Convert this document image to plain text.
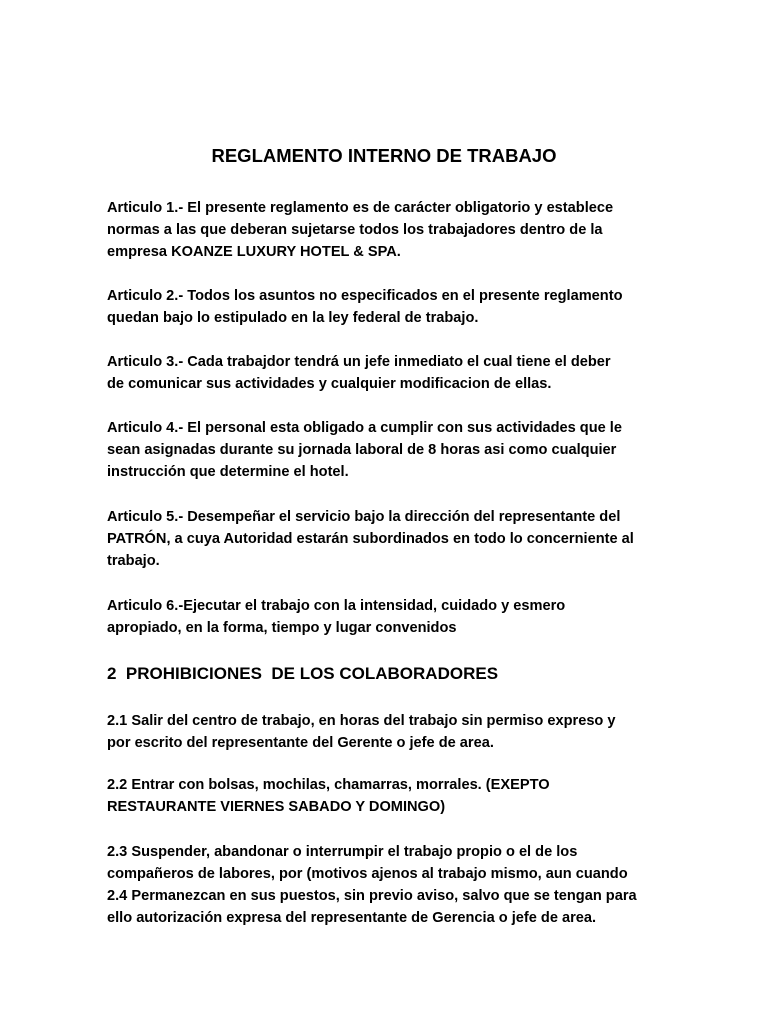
REGLAMENTO INTERNO DE TRABAJO

Articulo 1.- El presente reglamento es de carácter obligatorio y establece
normas a las que deberan sujetarse todos los trabajadores dentro de la
empresa KOANZE LUXURY HOTEL & SPA.

Articulo 2.- Todos los asuntos no especificados en el presente reglamento
quedan bajo lo estipulado en la ley federal de trabajo.

Articulo 3.- Cada trabajdor tendrá un jefe inmediato el cual tiene el deber
de comunicar sus actividades y cualquier modificacion de ellas.

Articulo 4.- El personal esta obligado a cumplir con sus actividades que le
sean asignadas durante su jornada laboral de 8 horas asi como cualquier
instrucción que determine el hotel.

Articulo 5.- Desempeñar el servicio bajo la dirección del representante del
PATRÓN, a cuya Autoridad estarán subordinados en todo lo concerniente al
trabajo.

Articulo 6.-Ejecutar el trabajo con la intensidad, cuidado y esmero
apropiado, en la forma, tiempo y lugar convenidos

2  PROHIBICIONES  DE LOS COLABORADORES

2.1 Salir del centro de trabajo, en horas del trabajo sin permiso expreso y
por escrito del representante del Gerente o jefe de area.

2.2 Entrar con bolsas, mochilas, chamarras, morrales. (EXEPTO
RESTAURANTE VIERNES SABADO Y DOMINGO)

2.3 Suspender, abandonar o interrumpir el trabajo propio o el de los
compañeros de labores, por (motivos ajenos al trabajo mismo, aun cuando
2.4 Permanezcan en sus puestos, sin previo aviso, salvo que se tengan para
ello autorización expresa del representante de Gerencia o jefe de area.
